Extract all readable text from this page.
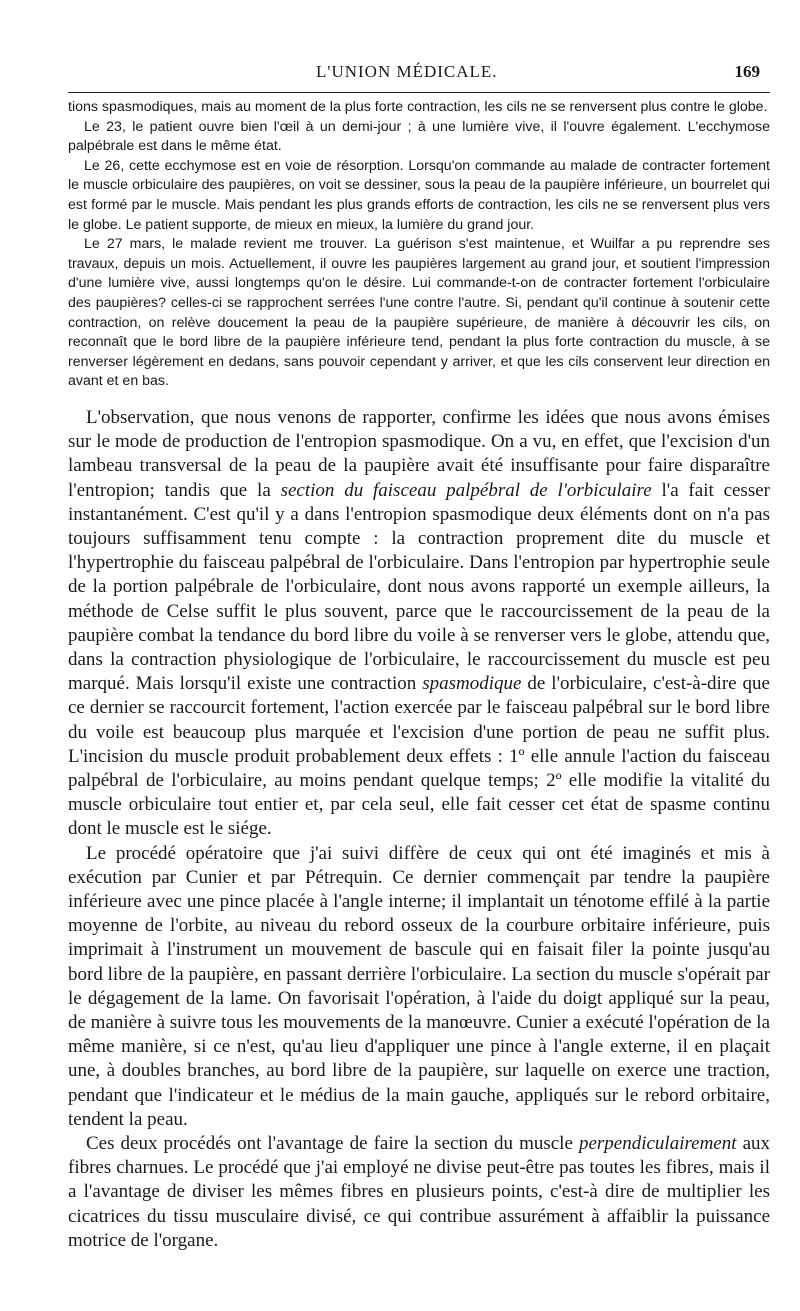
L'UNION MÉDICALE.	169

tions spasmodiques, mais au moment de la plus forte contraction, les cils ne se renversent plus contre le globe.

Le 23, le patient ouvre bien l'œil à un demi-jour ; à une lumière vive, il l'ouvre également. L'ecchymose palpébrale est dans le même état.

Le 26, cette ecchymose est en voie de résorption. Lorsqu'on commande au malade de contracter fortement le muscle orbiculaire des paupières, on voit se dessiner, sous la peau de la paupière inférieure, un bourrelet qui est formé par le muscle. Mais pendant les plus grands efforts de contraction, les cils ne se renversent plus vers le globe. Le patient supporte, de mieux en mieux, la lumière du grand jour.

Le 27 mars, le malade revient me trouver. La guérison s'est maintenue, et Wuilfar a pu reprendre ses travaux, depuis un mois. Actuellement, il ouvre les paupières largement au grand jour, et soutient l'impression d'une lumière vive, aussi longtemps qu'on le désire. Lui commande-t-on de contracter fortement l'orbiculaire des paupières? celles-ci se rapprochent serrées l'une contre l'autre. Si, pendant qu'il continue à soutenir cette contraction, on relève doucement la peau de la paupière supérieure, de manière à découvrir les cils, on reconnaît que le bord libre de la paupière inférieure tend, pendant la plus forte contraction du muscle, à se renverser légèrement en dedans, sans pouvoir cependant y arriver, et que les cils conservent leur direction en avant et en bas.

L'observation, que nous venons de rapporter, confirme les idées que nous avons émises sur le mode de production de l'entropion spasmodique. On a vu, en effet, que l'excision d'un lambeau transversal de la peau de la paupière avait été insuffisante pour faire disparaître l'entropion; tandis que la section du faisceau palpébral de l'orbiculaire l'a fait cesser instantanément. C'est qu'il y a dans l'entropion spasmodique deux éléments dont on n'a pas toujours suffisamment tenu compte : la contraction proprement dite du muscle et l'hypertrophie du faisceau palpébral de l'orbiculaire. Dans l'entropion par hypertrophie seule de la portion palpébrale de l'orbiculaire, dont nous avons rapporté un exemple ailleurs, la méthode de Celse suffit le plus souvent, parce que le raccourcissement de la peau de la paupière combat la tendance du bord libre du voile à se renverser vers le globe, attendu que, dans la contraction physiologique de l'orbiculaire, le raccourcissement du muscle est peu marqué. Mais lorsqu'il existe une contraction spasmodique de l'orbiculaire, c'est-à-dire que ce dernier se raccourcit fortement, l'action exercée par le faisceau palpébral sur le bord libre du voile est beaucoup plus marquée et l'excision d'une portion de peau ne suffit plus. L'incision du muscle produit probablement deux effets : 1º elle annule l'action du faisceau palpébral de l'orbiculaire, au moins pendant quelque temps; 2º elle modifie la vitalité du muscle orbiculaire tout entier et, par cela seul, elle fait cesser cet état de spasme continu dont le muscle est le siége.

Le procédé opératoire que j'ai suivi diffère de ceux qui ont été imaginés et mis à exécution par Cunier et par Pétrequin. Ce dernier commençait par tendre la paupière inférieure avec une pince placée à l'angle interne; il implantait un ténotome effilé à la partie moyenne de l'orbite, au niveau du rebord osseux de la courbure orbitaire inférieure, puis imprimait à l'instrument un mouvement de bascule qui en faisait filer la pointe jusqu'au bord libre de la paupière, en passant derrière l'orbiculaire. La section du muscle s'opérait par le dégagement de la lame. On favorisait l'opération, à l'aide du doigt appliqué sur la peau, de manière à suivre tous les mouvements de la manœuvre. Cunier a exécuté l'opération de la même manière, si ce n'est, qu'au lieu d'appliquer une pince à l'angle externe, il en plaçait une, à doubles branches, au bord libre de la paupière, sur laquelle on exerce une traction, pendant que l'indicateur et le médius de la main gauche, appliqués sur le rebord orbitaire, tendent la peau.

Ces deux procédés ont l'avantage de faire la section du muscle perpendiculairement aux fibres charnues. Le procédé que j'ai employé ne divise peut-être pas toutes les fibres, mais il a l'avantage de diviser les mêmes fibres en plusieurs points, c'est-à dire de multiplier les cicatrices du tissu musculaire divisé, ce qui contribue assurément à affaiblir la puissance motrice de l'organe.
